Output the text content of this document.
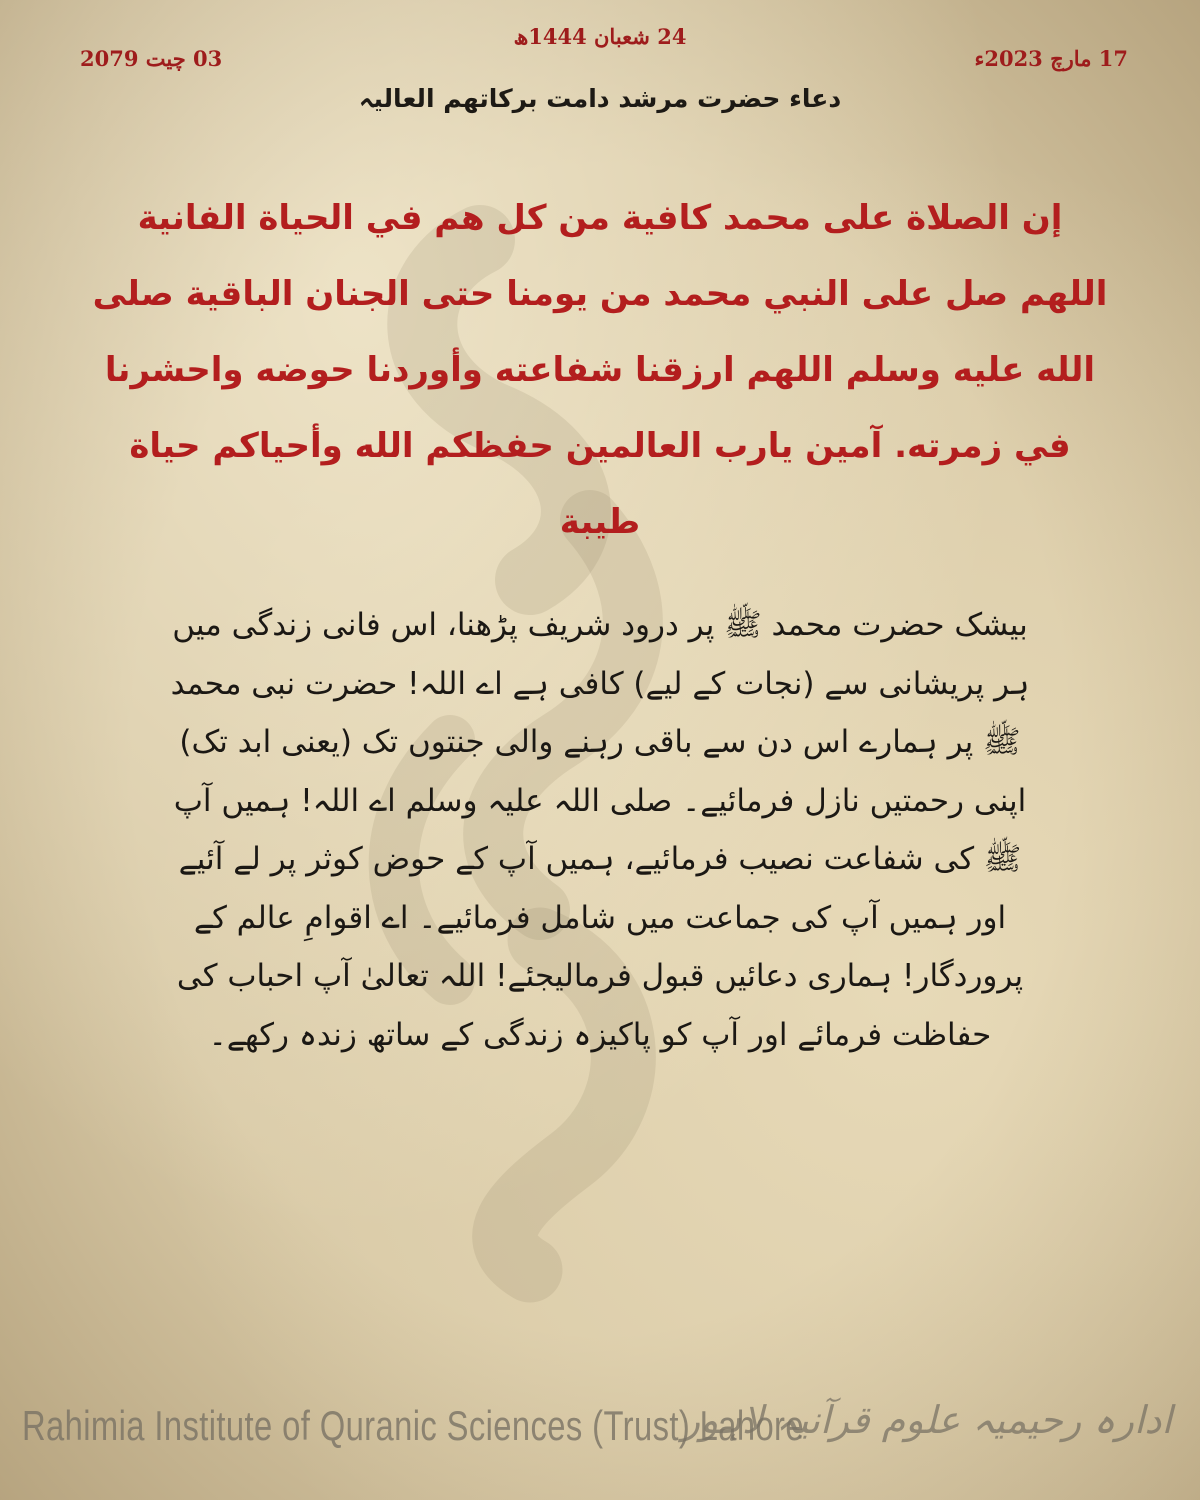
24 شعبان 1444ھ
17 مارچ 2023ء
03 چیت 2079
دعاء حضرت مرشد دامت برکاتھم العالیہ
إن الصلاة على محمد كافية من كل هم في الحياة الفانية اللهم صل على النبي محمد من يومنا حتى الجنان الباقية صلى الله عليه وسلم اللهم ارزقنا شفاعته وأوردنا حوضه واحشرنا في زمرته. آمين يارب العالمين حفظكم الله وأحياكم حياة طيبة
بیشک حضرت محمد ﷺ پر درود شریف پڑھنا، اس فانی زندگی میں ہر پریشانی سے (نجات کے لیے) کافی ہے اے اللہ! حضرت نبی محمد ﷺ پر ہمارے اس دن سے باقی رہنے والی جنتوں تک (یعنی ابد تک) اپنی رحمتیں نازل فرمائیے۔ صلی اللہ علیہ وسلم اے اللہ! ہمیں آپ ﷺ کی شفاعت نصیب فرمائیے، ہمیں آپ کے حوض کوثر پر لے آئیے اور ہمیں آپ کی جماعت میں شامل فرمائیے۔ اے اقوامِ عالم کے پروردگار! ہماری دعائیں قبول فرمالیجئے! اللہ تعالیٰ آپ احباب کی حفاظت فرمائے اور آپ کو پاکیزہ زندگی کے ساتھ زندہ رکھے۔
Rahimia Institute of Quranic Sciences (Trust) Lahore
ادارہ رحیمیہ علوم قرآنیہ لاہور
